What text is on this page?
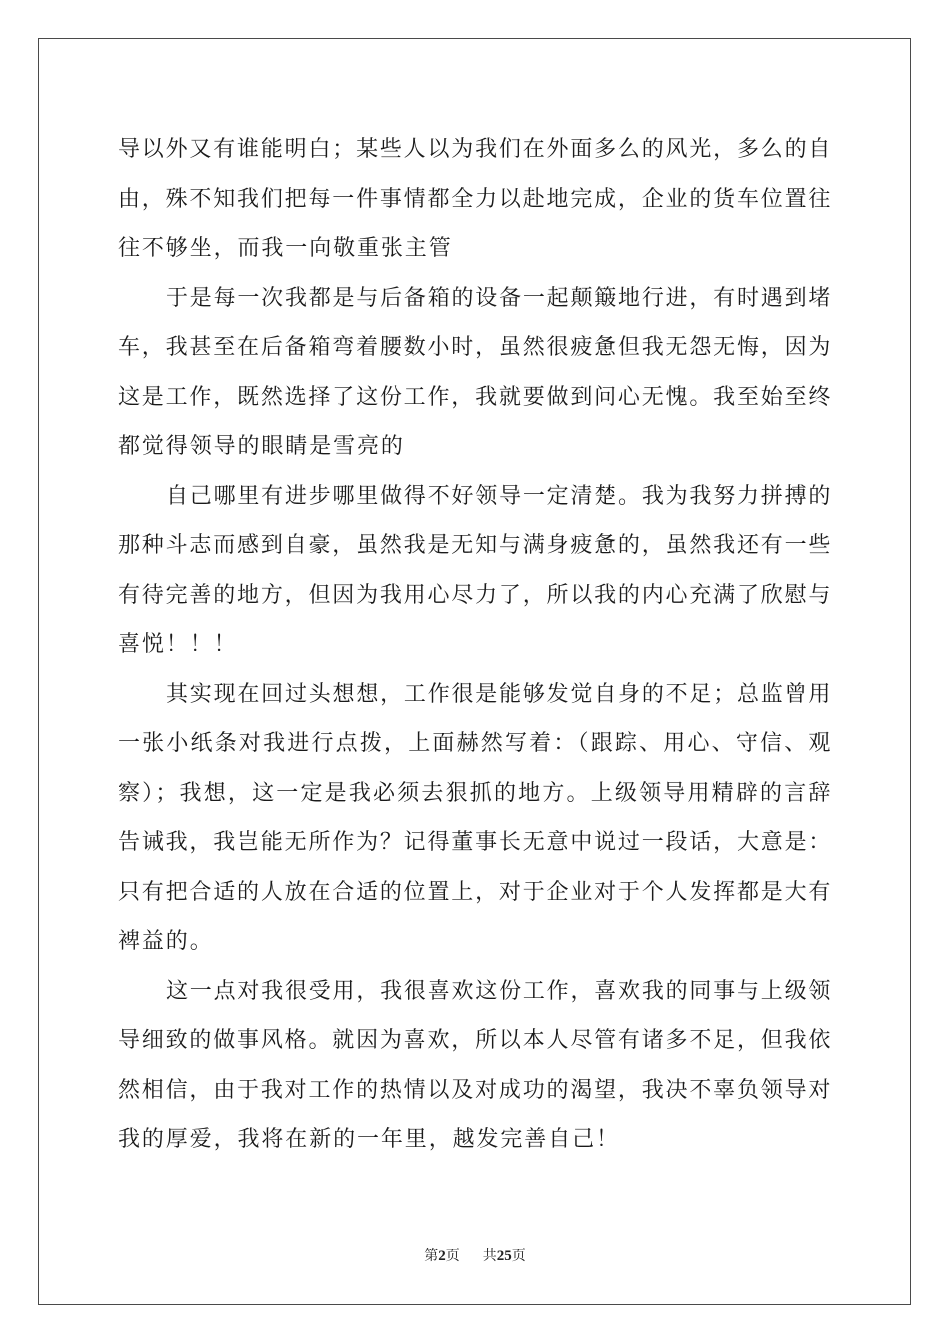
导以外又有谁能明白；某些人以为我们在外面多么的风光，多么的自
由，殊不知我们把每一件事情都全力以赴地完成，企业的货车位置往
往不够坐，而我一向敬重张主管
于是每一次我都是与后备箱的设备一起颠簸地行进，有时遇到堵
车，我甚至在后备箱弯着腰数小时，虽然很疲惫但我无怨无悔，因为
这是工作，既然选择了这份工作，我就要做到问心无愧。我至始至终
都觉得领导的眼睛是雪亮的
自己哪里有进步哪里做得不好领导一定清楚。我为我努力拼搏的
那种斗志而感到自豪，虽然我是无知与满身疲惫的，虽然我还有一些
有待完善的地方，但因为我用心尽力了，所以我的内心充满了欣慰与
喜悦！！！
其实现在回过头想想，工作很是能够发觉自身的不足；总监曾用
一张小纸条对我进行点拨，上面赫然写着：（跟踪、用心、守信、观
察）；我想，这一定是我必须去狠抓的地方。上级领导用精辟的言辞
告诫我，我岂能无所作为？记得董事长无意中说过一段话，大意是：
只有把合适的人放在合适的位置上，对于企业对于个人发挥都是大有
裨益的。
这一点对我很受用，我很喜欢这份工作，喜欢我的同事与上级领
导细致的做事风格。就因为喜欢，所以本人尽管有诸多不足，但我依
然相信，由于我对工作的热情以及对成功的渴望，我决不辜负领导对
我的厚爱，我将在新的一年里，越发完善自己！
第2页 共25页
